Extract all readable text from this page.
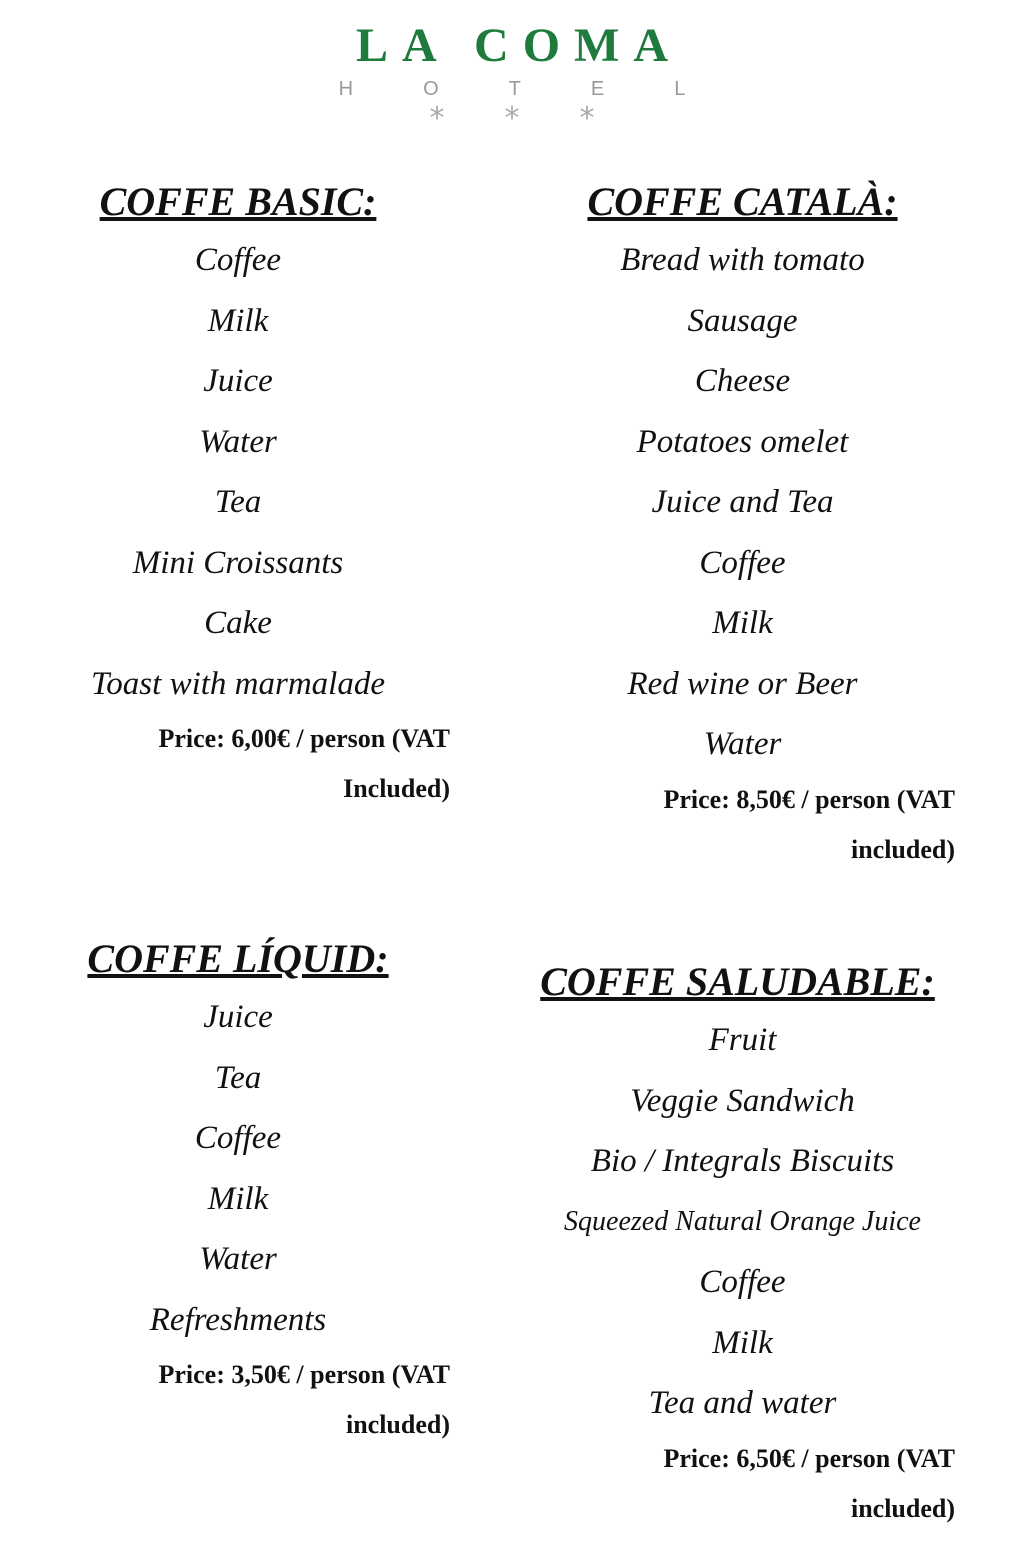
LA COMA
HOTEL
***
COFFE BASIC:
Coffee
Milk
Juice
Water
Tea
Mini Croissants
Cake
Toast with marmalade
Price: 6,00€ / person (VAT
Included)
COFFE CATALÀ:
Bread with tomato
Sausage
Cheese
Potatoes omelet
Juice and Tea
Coffee
Milk
Red wine or Beer
Water
Price: 8,50€ / person (VAT
included)
COFFE LÍQUID:
Juice
Tea
Coffee
Milk
Water
Refreshments
Price: 3,50€ / person (VAT
included)
COFFE SALUDABLE:
Fruit
Veggie Sandwich
Bio / Integrals Biscuits
Squeezed Natural Orange Juice
Coffee
Milk
Tea and water
Price: 6,50€ / person (VAT
included)
